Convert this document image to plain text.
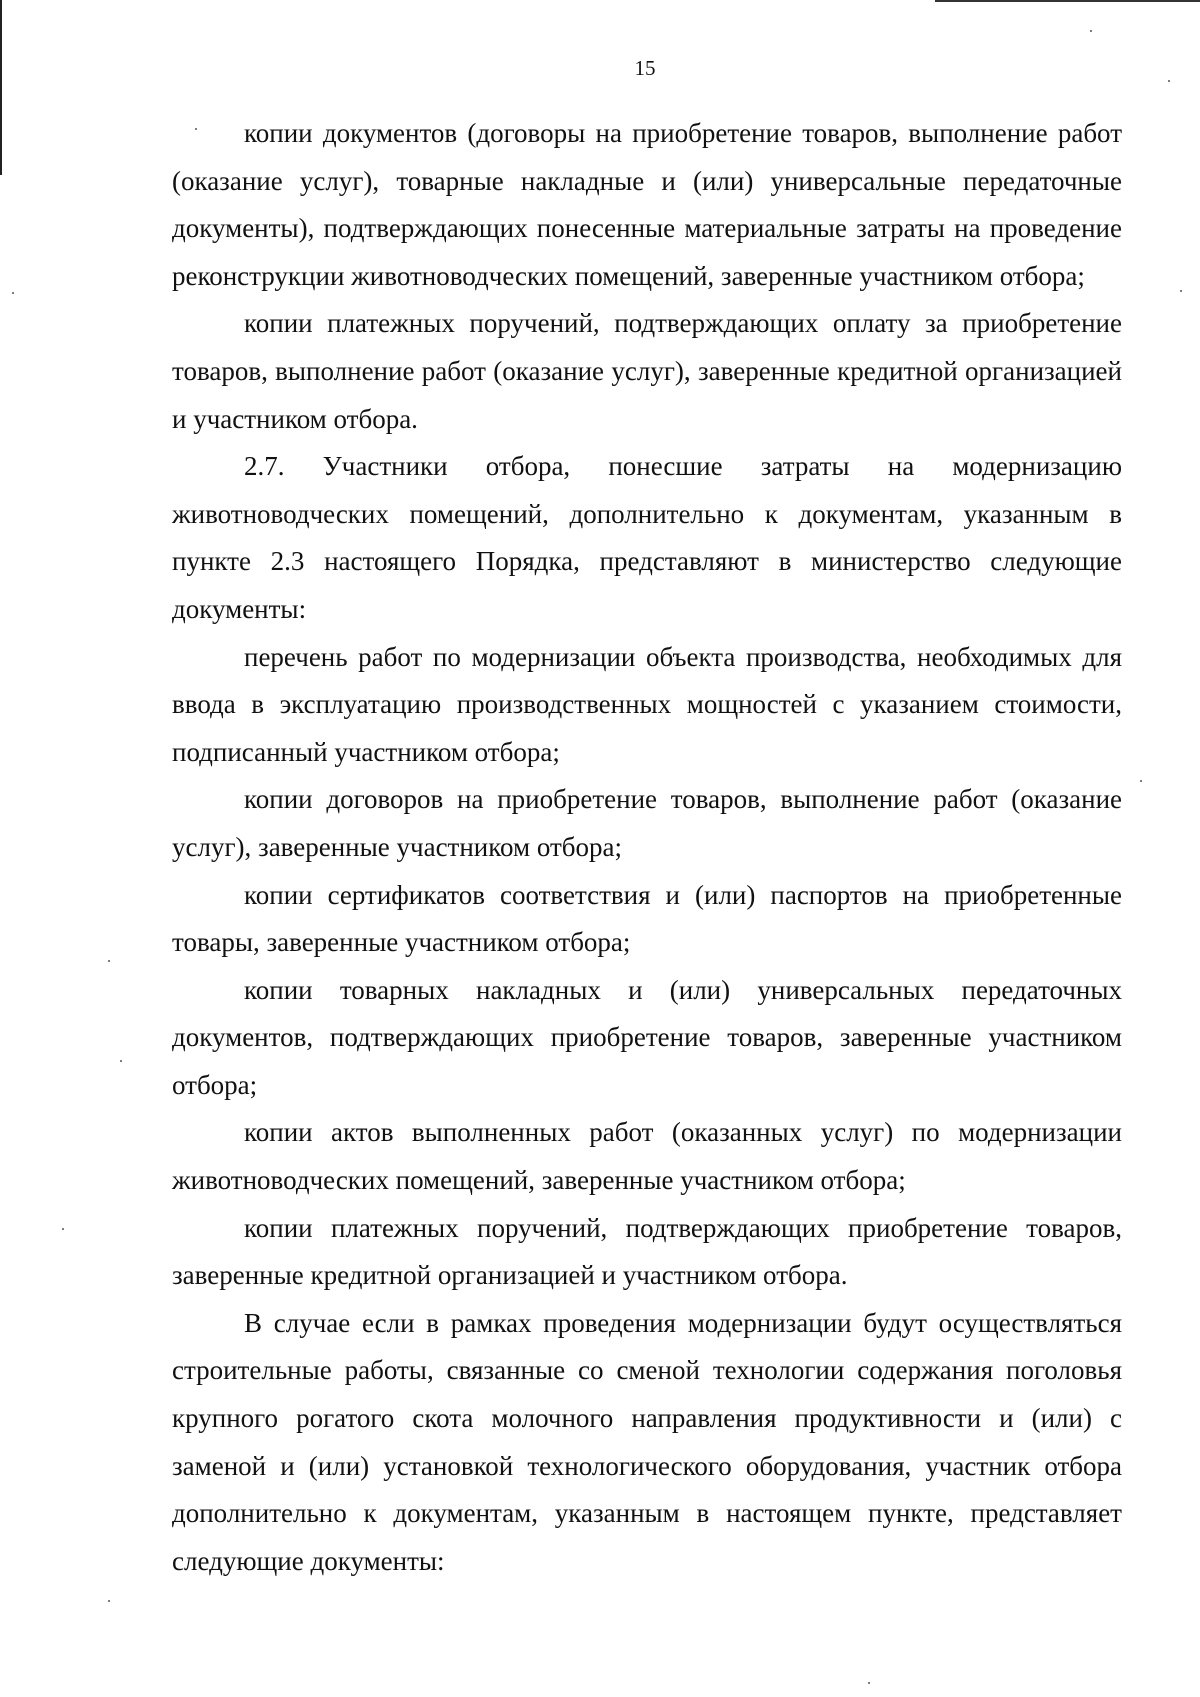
15

копии документов (договоры на приобретение товаров, выполнение работ (оказание услуг), товарные накладные и (или) универсальные передаточные документы), подтверждающих понесенные материальные затраты на проведение реконструкции животноводческих помещений, заверенные участником отбора;

копии платежных поручений, подтверждающих оплату за приобретение товаров, выполнение работ (оказание услуг), заверенные кредитной организацией и участником отбора.

2.7. Участники отбора, понесшие затраты на модернизацию животноводческих помещений, дополнительно к документам, указанным в пункте 2.3 настоящего Порядка, представляют в министерство следующие документы:

перечень работ по модернизации объекта производства, необходимых для ввода в эксплуатацию производственных мощностей с указанием стоимости, подписанный участником отбора;

копии договоров на приобретение товаров, выполнение работ (оказание услуг), заверенные участником отбора;

копии сертификатов соответствия и (или) паспортов на приобретенные товары, заверенные участником отбора;

копии товарных накладных и (или) универсальных передаточных документов, подтверждающих приобретение товаров, заверенные участником отбора;

копии актов выполненных работ (оказанных услуг) по модернизации животноводческих помещений, заверенные участником отбора;

копии платежных поручений, подтверждающих приобретение товаров, заверенные кредитной организацией и участником отбора.

В случае если в рамках проведения модернизации будут осуществляться строительные работы, связанные со сменой технологии содержания поголовья крупного рогатого скота молочного направления продуктивности и (или) с заменой и (или) установкой технологического оборудования, участник отбора дополнительно к документам, указанным в настоящем пункте, представляет следующие документы:
